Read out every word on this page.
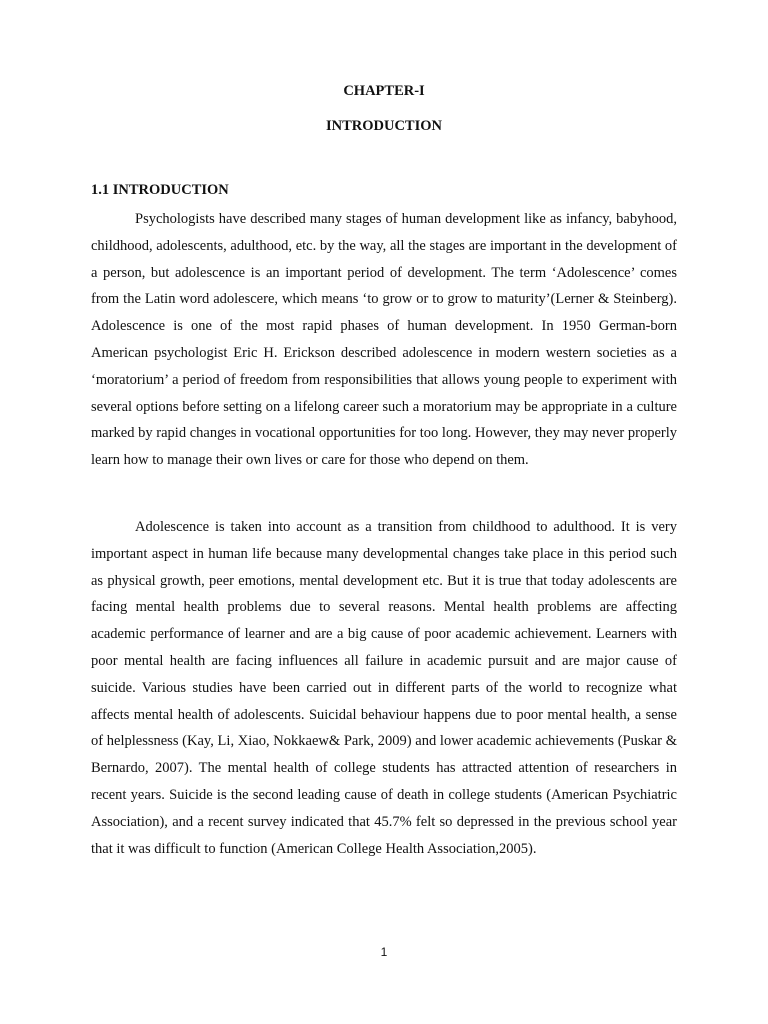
CHAPTER-I
INTRODUCTION
1.1 INTRODUCTION

Psychologists have described many stages of human development like as infancy, babyhood, childhood, adolescents, adulthood, etc. by the way, all the stages are important in the development of a person, but adolescence is an important period of development. The term ‘Adolescence’ comes from the Latin word adolescere, which means ‘to grow or to grow to maturity’(Lerner & Steinberg). Adolescence is one of the most rapid phases of human development. In 1950 German-born American psychologist Eric H. Erickson described adolescence in modern western societies as a ‘moratorium’ a period of freedom from responsibilities that allows young people to experiment with several options before setting on a lifelong career such a moratorium may be appropriate in a culture marked by rapid changes in vocational opportunities for too long. However, they may never properly learn how to manage their own lives or care for those who depend on them.

Adolescence is taken into account as a transition from childhood to adulthood. It is very important aspect in human life because many developmental changes take place in this period such as physical growth, peer emotions, mental development etc. But it is true that today adolescents are facing mental health problems due to several reasons. Mental health problems are affecting academic performance of learner and are a big cause of poor academic achievement. Learners with poor mental health are facing influences all failure in academic pursuit and are major cause of suicide. Various studies have been carried out in different parts of the world to recognize what affects mental health of adolescents. Suicidal behaviour happens due to poor mental health, a sense of helplessness (Kay, Li, Xiao, Nokkaew& Park, 2009) and lower academic achievements (Puskar & Bernardo, 2007). The mental health of college students has attracted attention of researchers in recent years. Suicide is the second leading cause of death in college students (American Psychiatric Association), and a recent survey indicated that 45.7% felt so depressed in the previous school year that it was difficult to function (American College Health Association,2005).

1
